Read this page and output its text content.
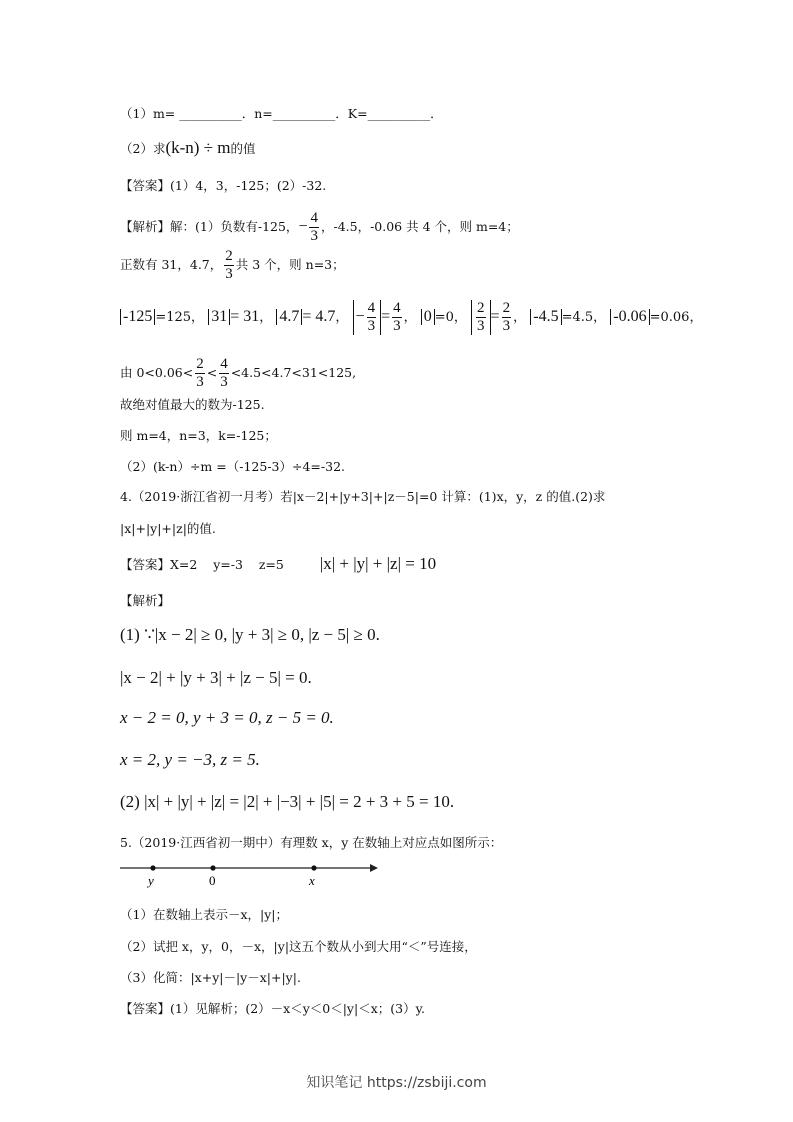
（1）m= __________．n=__________．K=__________．
（2）求(k-n) ÷ m的值
【答案】(1）4，3，-125；(2）-32.
【解析】解：(1）负数有-125，− $\frac{4}{3}$ ，-4.5，-0.06 共 4 个，则 m=4；
正数有 31，4.7， $\frac{2}{3}$ 共 3 个，则 n=3；
-125 =125， 31 = 31， 4.7 = 4.7， − $\frac{4}{3} = \frac{4}{3}$ ， 0 =0， $\frac{2}{3} = \frac{2}{3}$ ， -4.5 =4.5， -0.06 =0.06，
由 $0<0.06< \frac{2}{3} < \frac{4}{3} <4.5<4.7<31<125$,
故绝对值最大的数为-125.
则 m=4，n=3，k=-125；
（2）(k-n）÷m =（-125-3）÷4=-32.
4.（2019·浙江省初一月考）若|x－2|+|y+3|+|z－5|=0 计算：(1)x，y，z 的值.(2)求
|x|+|y|+|z|的值.
【答案】X=2    y=-3    z=5 |x| + |y| + |z| = 10
【解析】
(1) ∵|x − 2| ≥ 0, |y + 3| ≥ 0, |z − 5| ≥ 0.
|x − 2| + |y + 3| + |z − 5| = 0.
x − 2 = 0, y + 3 = 0, z − 5 = 0.
x = 2, y = −3, z = 5.
(2) |x| + |y| + |z| = |2| + |−3| + |5| = 2 + 3 + 5 = 10.
5.（2019·江西省初一期中）有理数 x，y 在数轴上对应点如图所示：
y	0	x
（1）在数轴上表示－x，|y|；
（2）试把 x，y，0，－x，|y|这五个数从小到大用“＜”号连接，
（3）化简：|x+y|－|y－x|+|y|.
【答案】(1）见解析；(2）－x＜y＜0＜|y|＜x；(3）y.
知识笔记 https://zsbiji.com
